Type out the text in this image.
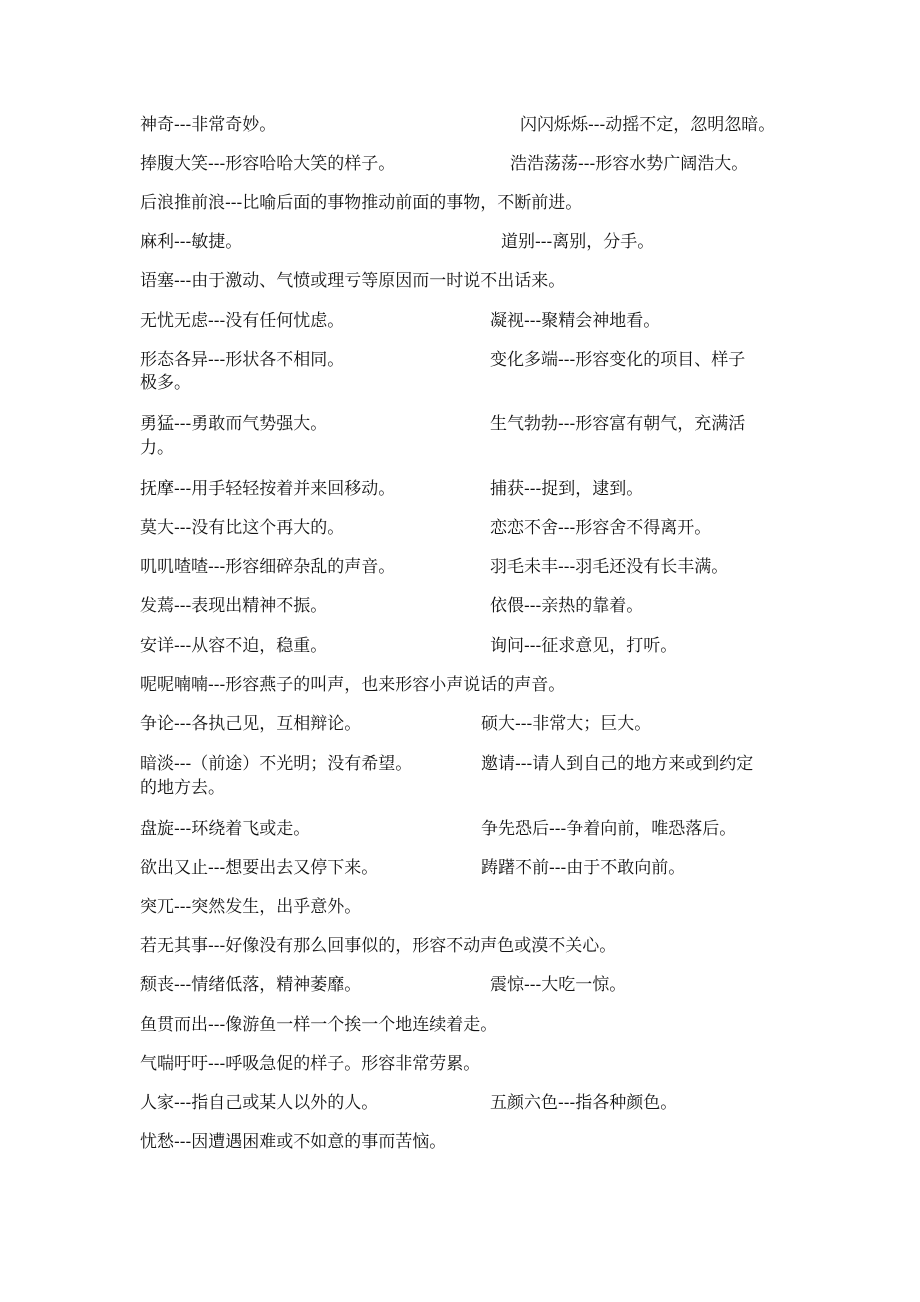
神奇---非常奇妙。	闪闪烁烁---动摇不定，忽明忽暗。
捧腹大笑---形容哈哈大笑的样子。	浩浩荡荡---形容水势广阔浩大。
后浪推前浪---比喻后面的事物推动前面的事物，不断前进。
麻利---敏捷。	道别---离别，分手。
语塞---由于激动、气愤或理亏等原因而一时说不出话来。
无忧无虑---没有任何忧虑。	凝视---聚精会神地看。
形态各异---形状各不相同。	变化多端---形容变化的项目、样子
极多。
勇猛---勇敢而气势强大。	生气勃勃---形容富有朝气，充满活
力。
抚摩---用手轻轻按着并来回移动。	捕获---捉到，逮到。
莫大---没有比这个再大的。	恋恋不舍---形容舍不得离开。
叽叽喳喳---形容细碎杂乱的声音。	羽毛未丰---羽毛还没有长丰满。
发蔫---表现出精神不振。	依偎---亲热的靠着。
安详---从容不迫，稳重。	询问---征求意见，打听。
呢呢喃喃---形容燕子的叫声，也来形容小声说话的声音。
争论---各执己见，互相辩论。	硕大---非常大；巨大。
暗淡---（前途）不光明；没有希望。	邀请---请人到自己的地方来或到约定
的地方去。
盘旋---环绕着飞或走。	争先恐后---争着向前，唯恐落后。
欲出又止---想要出去又停下来。	踌躇不前---由于不敢向前。
突兀---突然发生，出乎意外。
若无其事---好像没有那么回事似的，形容不动声色或漠不关心。
颓丧---情绪低落，精神萎靡。	震惊---大吃一惊。
鱼贯而出---像游鱼一样一个挨一个地连续着走。
气喘吁吁---呼吸急促的样子。形容非常劳累。
人家---指自己或某人以外的人。	五颜六色---指各种颜色。
忧愁---因遭遇困难或不如意的事而苦恼。
